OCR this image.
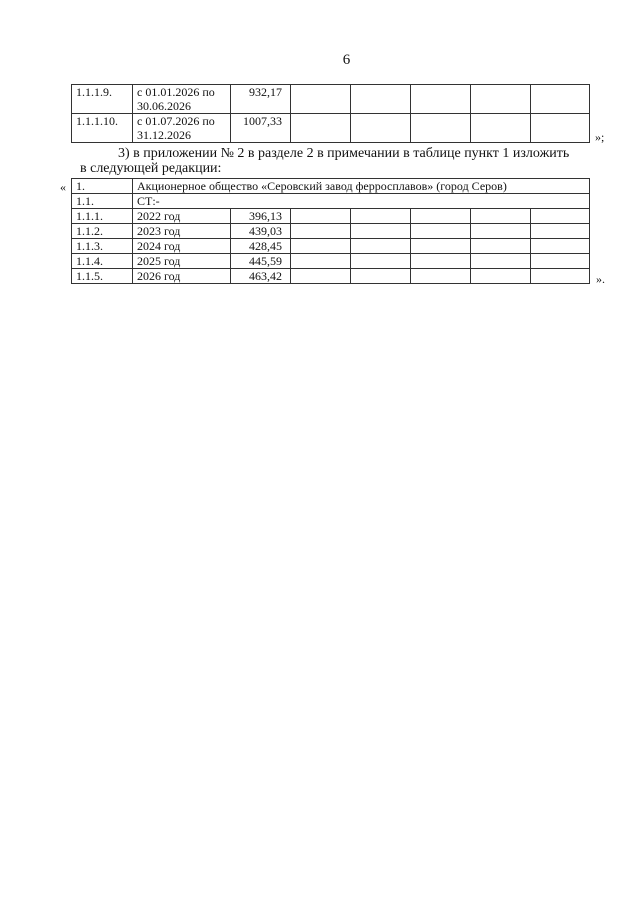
6
1.1.1.9.	с 01.01.2026 по 30.06.2026	932,17					
1.1.1.10.	с 01.07.2026 по 31.12.2026	1007,33					
»;
3) в приложении № 2 в разделе 2 в примечании в таблице пункт 1 изложить
в следующей редакции:
« 1.	Акционерное общество «Серовский завод ферросплавов» (город Серов)						
1.1.	СТ:-						
1.1.1.	2022 год	396,13					
1.1.2.	2023 год	439,03					
1.1.3.	2024 год	428,45					
1.1.4.	2025 год	445,59					
1.1.5.	2026 год	463,42						».
